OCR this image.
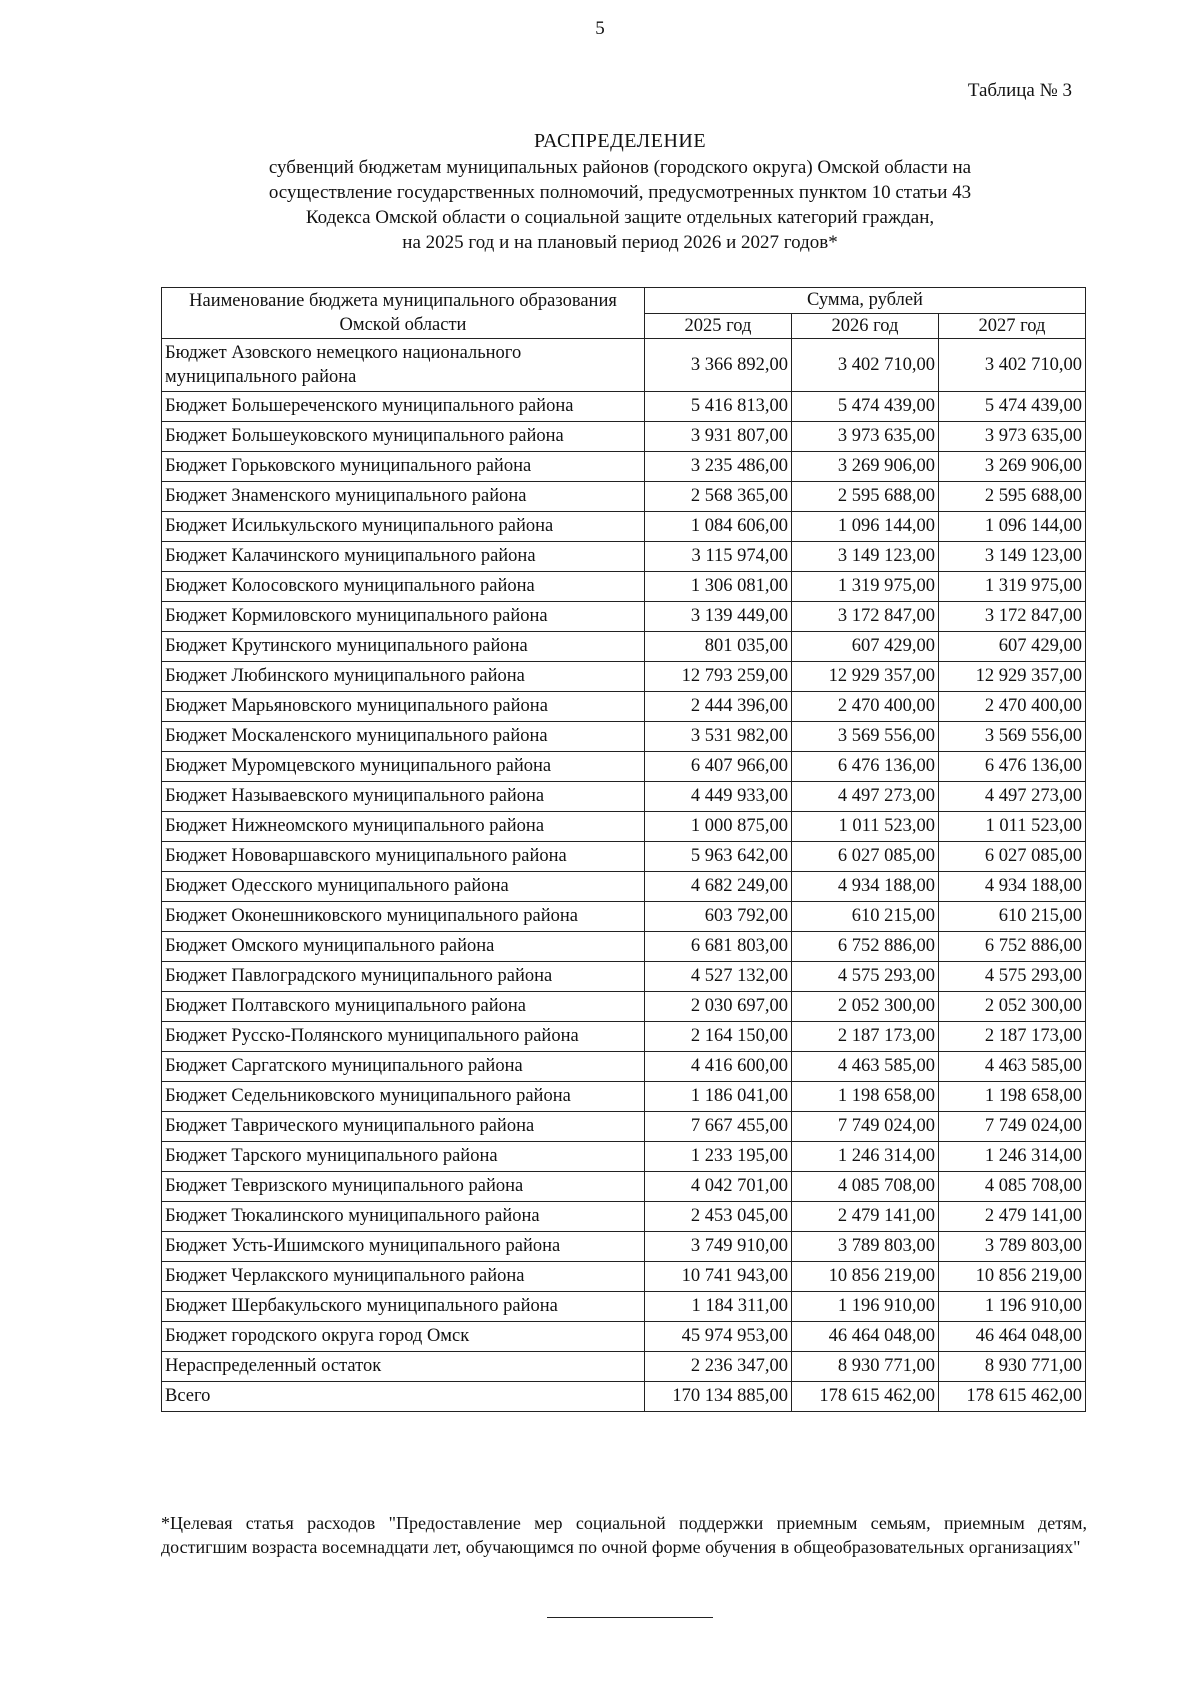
5
Таблица № 3
РАСПРЕДЕЛЕНИЕ
субвенций бюджетам муниципальных районов (городского округа) Омской области на
осуществление государственных полномочий, предусмотренных пунктом 10 статьи 43
Кодекса Омской области о социальной защите отдельных категорий граждан,
на 2025 год и на плановый период 2026 и 2027 годов*
Наименование бюджета муниципального образования Омской области	Сумма, рублей		
	2025 год	2026 год	2027 год
Бюджет Азовского немецкого национального муниципального района	3 366 892,00	3 402 710,00	3 402 710,00
Бюджет Большереченского муниципального района	5 416 813,00	5 474 439,00	5 474 439,00
Бюджет Большеуковского муниципального района	3 931 807,00	3 973 635,00	3 973 635,00
Бюджет Горьковского муниципального района	3 235 486,00	3 269 906,00	3 269 906,00
Бюджет Знаменского муниципального района	2 568 365,00	2 595 688,00	2 595 688,00
Бюджет Исилькульского муниципального района	1 084 606,00	1 096 144,00	1 096 144,00
Бюджет Калачинского муниципального района	3 115 974,00	3 149 123,00	3 149 123,00
Бюджет Колосовского муниципального района	1 306 081,00	1 319 975,00	1 319 975,00
Бюджет Кормиловского муниципального района	3 139 449,00	3 172 847,00	3 172 847,00
Бюджет Крутинского муниципального района	801 035,00	607 429,00	607 429,00
Бюджет Любинского муниципального района	12 793 259,00	12 929 357,00	12 929 357,00
Бюджет Марьяновского муниципального района	2 444 396,00	2 470 400,00	2 470 400,00
Бюджет Москаленского муниципального района	3 531 982,00	3 569 556,00	3 569 556,00
Бюджет Муромцевского муниципального района	6 407 966,00	6 476 136,00	6 476 136,00
Бюджет Называевского муниципального района	4 449 933,00	4 497 273,00	4 497 273,00
Бюджет Нижнеомского муниципального района	1 000 875,00	1 011 523,00	1 011 523,00
Бюджет Нововаршавского муниципального района	5 963 642,00	6 027 085,00	6 027 085,00
Бюджет Одесского муниципального района	4 682 249,00	4 934 188,00	4 934 188,00
Бюджет Оконешниковского муниципального района	603 792,00	610 215,00	610 215,00
Бюджет Омского муниципального района	6 681 803,00	6 752 886,00	6 752 886,00
Бюджет Павлоградского муниципального района	4 527 132,00	4 575 293,00	4 575 293,00
Бюджет Полтавского муниципального района	2 030 697,00	2 052 300,00	2 052 300,00
Бюджет Русско-Полянского муниципального района	2 164 150,00	2 187 173,00	2 187 173,00
Бюджет Саргатского муниципального района	4 416 600,00	4 463 585,00	4 463 585,00
Бюджет Седельниковского муниципального района	1 186 041,00	1 198 658,00	1 198 658,00
Бюджет Таврического муниципального района	7 667 455,00	7 749 024,00	7 749 024,00
Бюджет Тарского муниципального района	1 233 195,00	1 246 314,00	1 246 314,00
Бюджет Тевризского муниципального района	4 042 701,00	4 085 708,00	4 085 708,00
Бюджет Тюкалинского муниципального района	2 453 045,00	2 479 141,00	2 479 141,00
Бюджет Усть-Ишимского муниципального района	3 749 910,00	3 789 803,00	3 789 803,00
Бюджет Черлакского муниципального района	10 741 943,00	10 856 219,00	10 856 219,00
Бюджет Шербакульского муниципального района	1 184 311,00	1 196 910,00	1 196 910,00
Бюджет городского округа город Омск	45 974 953,00	46 464 048,00	46 464 048,00
Нераспределенный остаток	2 236 347,00	8 930 771,00	8 930 771,00
Всего	170 134 885,00	178 615 462,00	178 615 462,00
*Целевая статья расходов "Предоставление мер социальной поддержки приемным семьям, приемным детям, достигшим возраста восемнадцати лет, обучающимся по очной форме обучения в общеобразовательных организациях"
